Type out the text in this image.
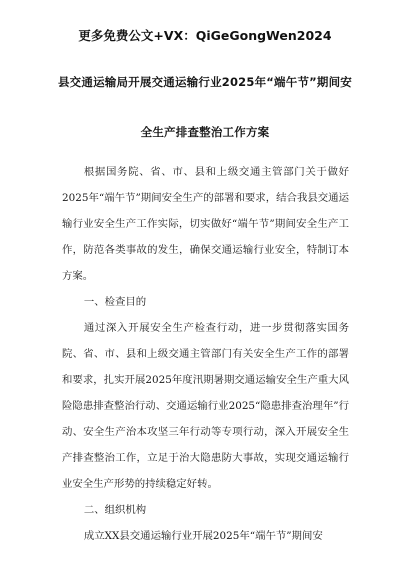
更多免费公文+VX：QiGeGongWen2024
县交通运输局开展交通运输行业2025年“端午节”期间安
全生产排查整治工作方案

根据国务院、省、市、县和上级交通主管部门关于做好2025年“端午节”期间安全生产的部署和要求，结合我县交通运输行业安全生产工作实际，切实做好“端午节”期间安全生产工作，防范各类事故的发生，确保交通运输行业安全，特制订本方案。

一、检查目的

通过深入开展安全生产检查行动，进一步贯彻落实国务院、省、市、县和上级交通主管部门有关安全生产工作的部署和要求，扎实开展2025年度汛期暑期交通运输安全生产重大风险隐患排查整治行动、交通运输行业2025“隐患排查治理年”行动、安全生产治本攻坚三年行动等专项行动，深入开展安全生产排查整治工作，立足于治大隐患防大事故，实现交通运输行业安全生产形势的持续稳定好转。

二、组织机构

成立XX县交通运输行业开展2025年“端午节”期间安
